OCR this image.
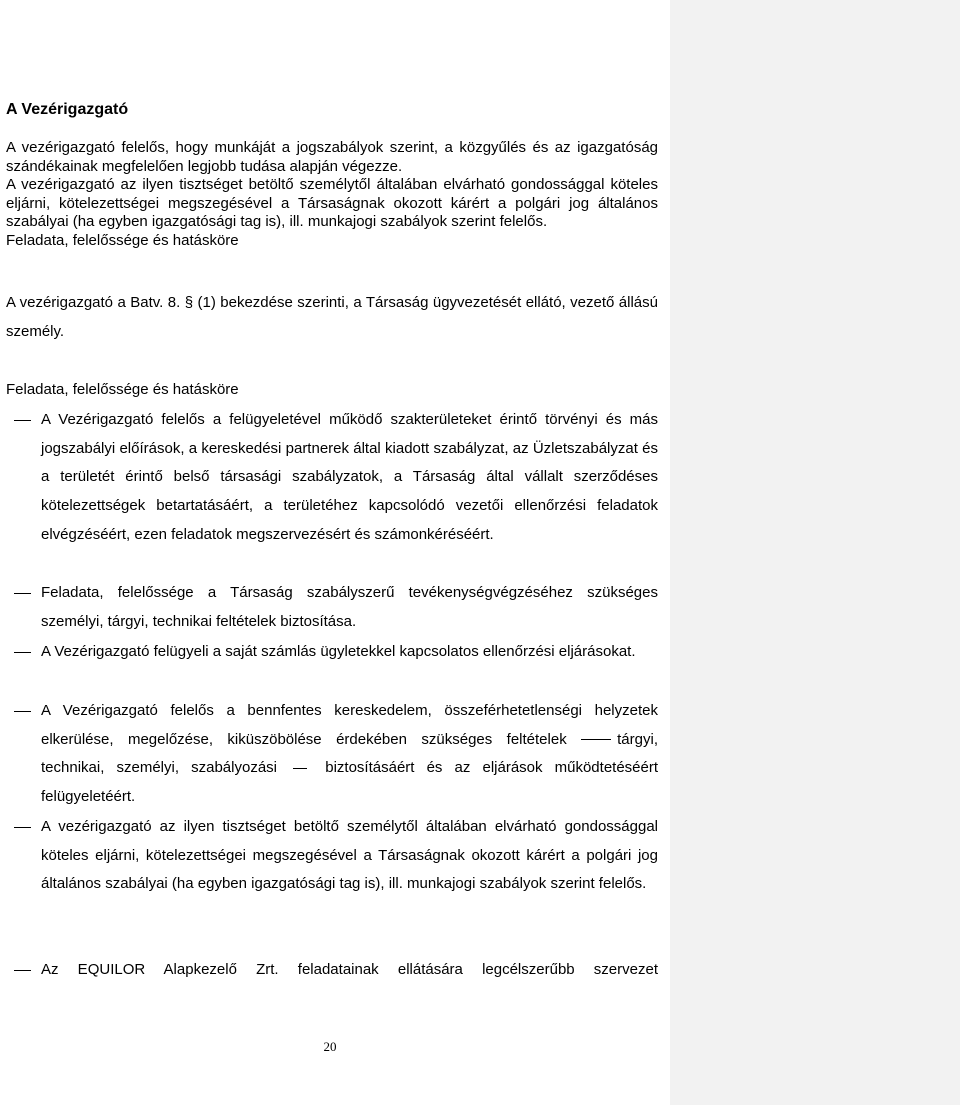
A Vezérigazgató

A vezérigazgató felelős, hogy munkáját a jogszabályok szerint, a közgyűlés és az igazgatóság szándékainak megfelelően legjobb tudása alapján végezze.
A vezérigazgató az ilyen tisztséget betöltő személytől általában elvárható gondossággal köteles eljárni, kötelezettségei megszegésével a Társaságnak okozott kárért a polgári jog általános szabályai (ha egyben igazgatósági tag is), ill. munkajogi szabályok szerint felelős.
Feladata, felelőssége és hatásköre

A vezérigazgató a Batv. 8. § (1) bekezdése szerinti, a Társaság ügyvezetését ellátó, vezető állású személy.

Feladata, felelőssége és hatásköre

A Vezérigazgató felelős a felügyeletével működő szakterületeket érintő törvényi és más jogszabályi előírások, a kereskedési partnerek által kiadott szabályzat, az Üzletszabályzat és a területét érintő belső társasági szabályzatok, a Társaság által vállalt szerződéses kötelezettségek betartatásáért, a területéhez kapcsolódó vezetői ellenőrzési feladatok elvégzéséért, ezen feladatok megszervezésért és számonkéréséért.
Feladata, felelőssége a Társaság szabályszerű tevékenységvégzéséhez szükséges személyi, tárgyi, technikai feltételek biztosítása.
A Vezérigazgató felügyeli a saját számlás ügyletekkel kapcsolatos ellenőrzési eljárásokat.
A Vezérigazgató felelős a bennfentes kereskedelem, összeférhetetlenségi helyzetek elkerülése, megelőzése, kiküszöbölése érdekében szükséges feltételek	tárgyi, technikai, személyi, szabályozási	biztosításáért és az eljárások működtetéséért felügyeletéért.
A vezérigazgató az ilyen tisztséget betöltő személytől általában elvárható gondossággal köteles eljárni, kötelezettségei megszegésével a Társaságnak okozott kárért a polgári jog általános szabályai (ha egyben igazgatósági tag is), ill. munkajogi szabályok szerint felelős.
Az EQUILOR Alapkezelő Zrt. feladatainak ellátására legcélszerűbb szervezet
20
